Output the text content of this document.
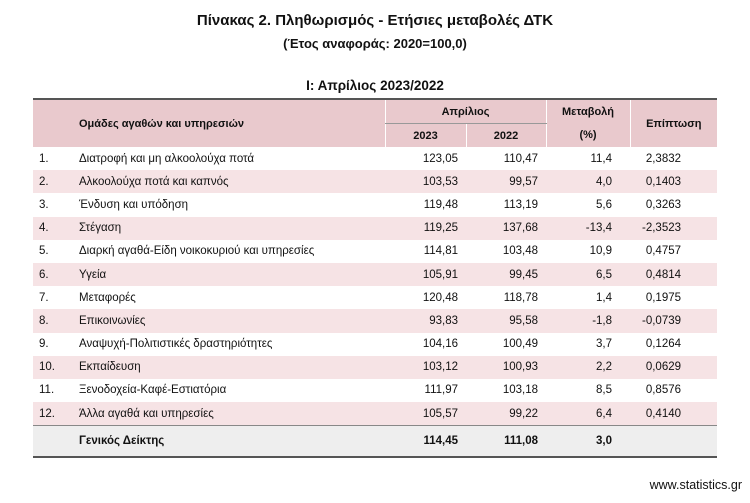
Πίνακας 2. Πληθωρισμός - Ετήσιες μεταβολές ΔΤΚ
(Έτος αναφοράς: 2020=100,0)
Ι: Απρίλιος 2023/2022
Ομάδες αγαθών και υπηρεσιών		Απρίλιος		Μεταβολή	Επίπτωση
		2023	2022	(%)	
1.	Διατροφή και μη αλκοολούχα ποτά	123,05	110,47	11,4	2,3832
2.	Αλκοολούχα ποτά και καπνός	103,53	99,57	4,0	0,1403
3.	Ένδυση και υπόδηση	119,48	113,19	5,6	0,3263
4.	Στέγαση	119,25	137,68	-13,4	-2,3523
5.	Διαρκή αγαθά-Είδη νοικοκυριού και υπηρεσίες	114,81	103,48	10,9	0,4757
6.	Υγεία	105,91	99,45	6,5	0,4814
7.	Μεταφορές	120,48	118,78	1,4	0,1975
8.	Επικοινωνίες	93,83	95,58	-1,8	-0,0739
9.	Αναψυχή-Πολιτιστικές δραστηριότητες	104,16	100,49	3,7	0,1264
10.	Εκπαίδευση	103,12	100,93	2,2	0,0629
11.	Ξενοδοχεία-Καφέ-Εστιατόρια	111,97	103,18	8,5	0,8576
12.	Άλλα αγαθά και υπηρεσίες	105,57	99,22	6,4	0,4140
	Γενικός Δείκτης	114,45	111,08	3,0	
www.statistics.gr
